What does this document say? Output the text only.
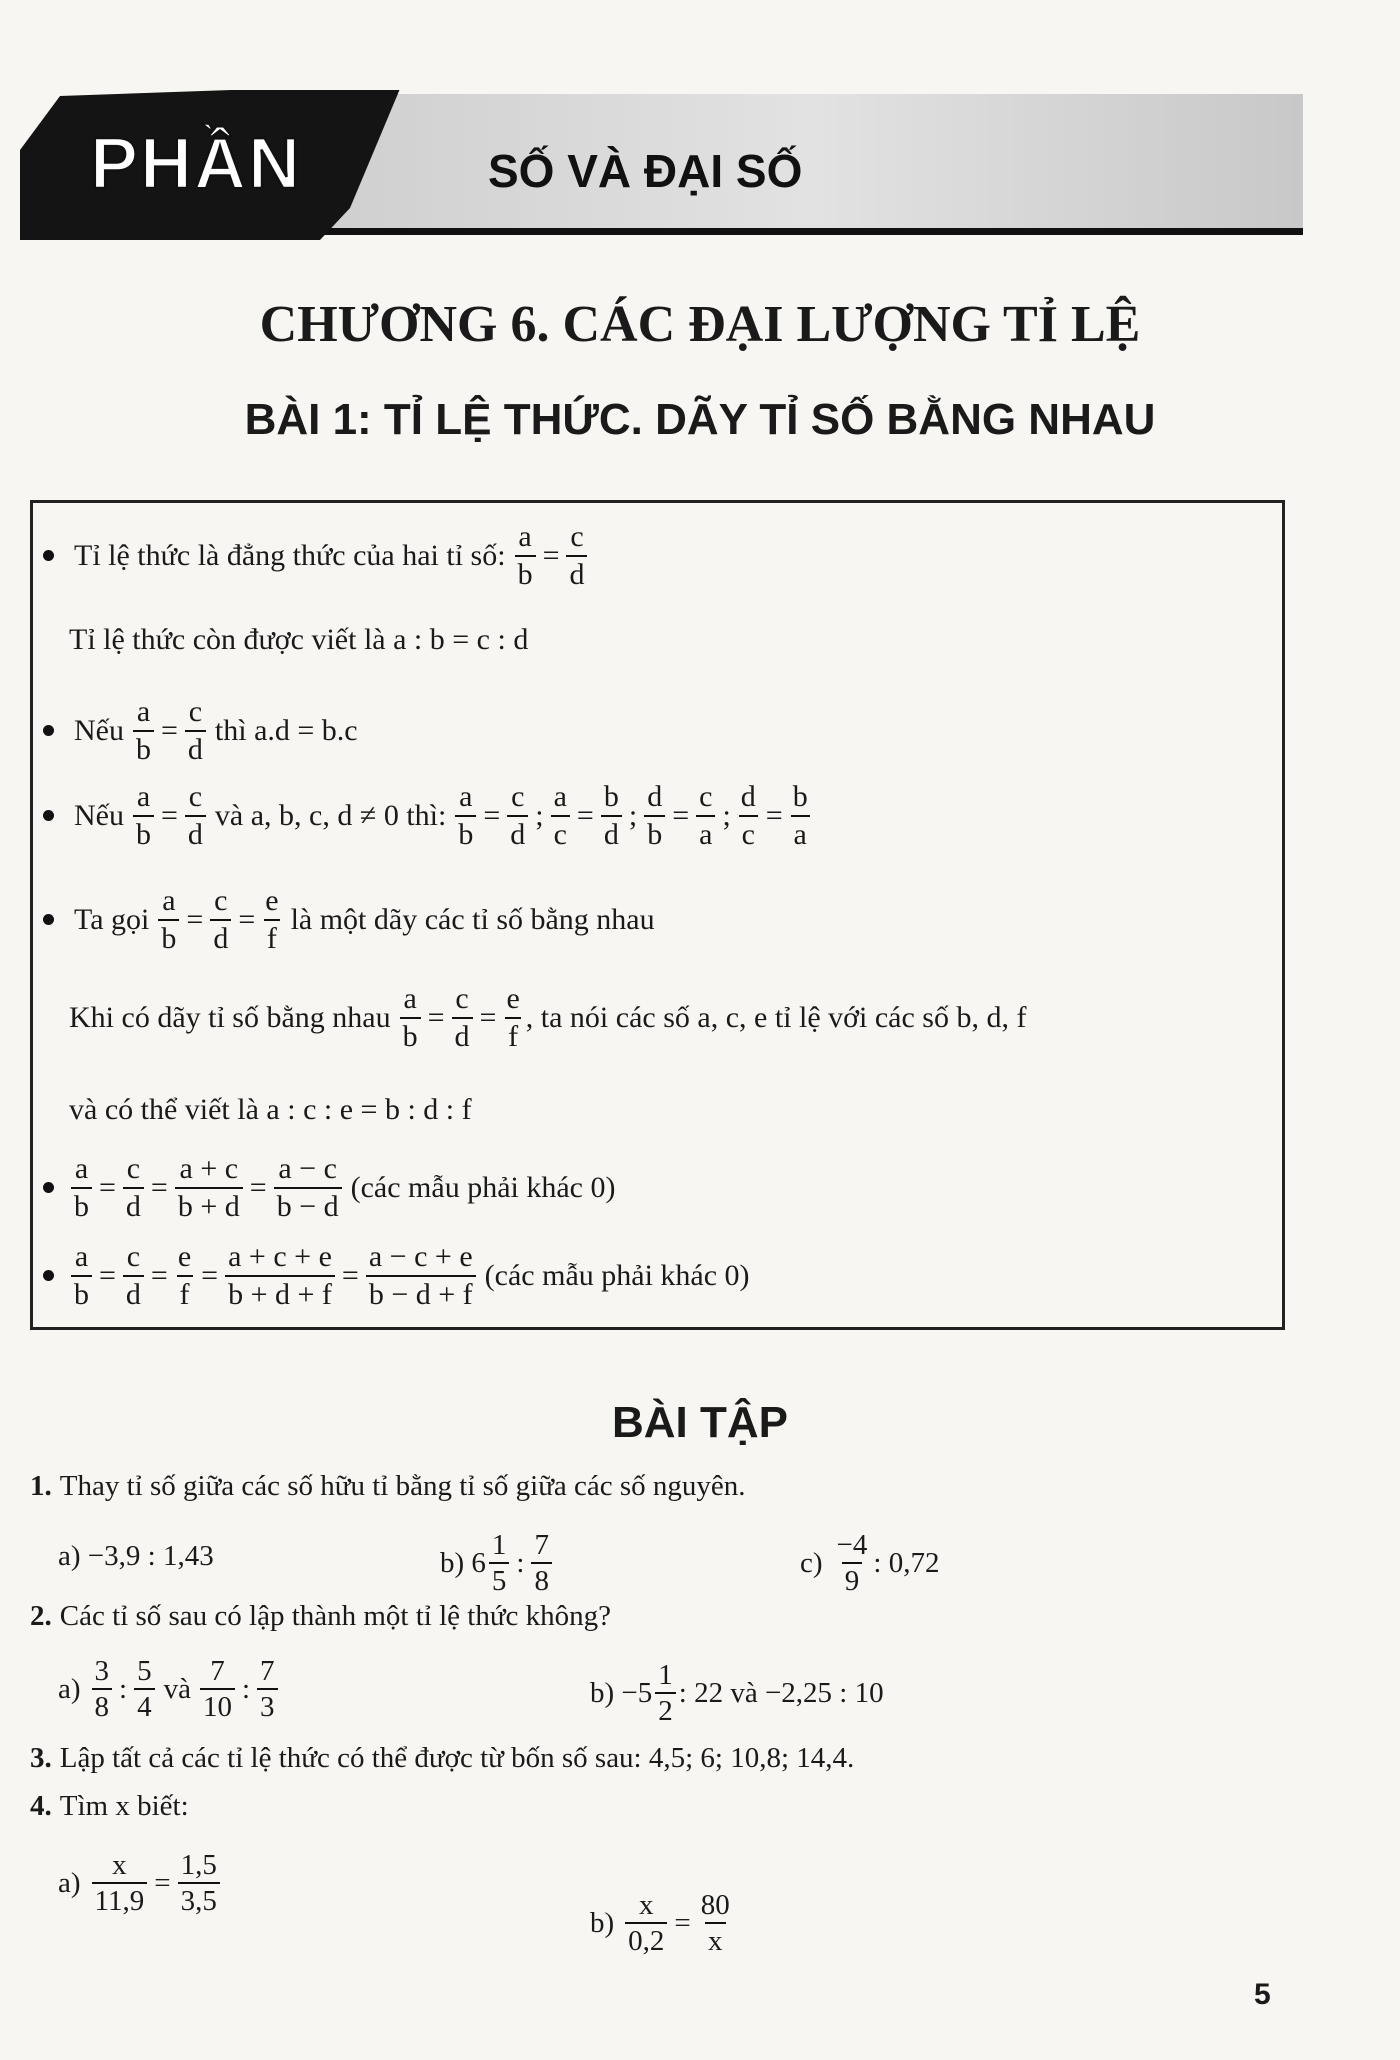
PHẦN	SỐ VÀ ĐẠI SỐ
CHƯƠNG 6. CÁC ĐẠI LƯỢNG TỈ LỆ
BÀI 1: TỈ LỆ THỨC. DÃY TỈ SỐ BẰNG NHAU
Tỉ lệ thức là đẳng thức của hai tỉ số: $\frac{a}{b} = \frac{c}{d}$
Tỉ lệ thức còn được viết là a : b = c : d
Nếu $\frac{a}{b} = \frac{c}{d}$ thì a.d = b.c
Nếu $\frac{a}{b} = \frac{c}{d}$ và a, b, c, d ≠ 0 thì: $\frac{a}{b} = \frac{c}{d}$ ; $\frac{a}{c} = \frac{b}{d}$ ; $\frac{d}{b} = \frac{c}{a}$ ; $\frac{d}{c} = \frac{b}{a}$
Ta gọi $\frac{a}{b} = \frac{c}{d} = \frac{e}{f}$ là một dãy các tỉ số bằng nhau
Khi có dãy tỉ số bằng nhau $\frac{a}{b} = \frac{c}{d} = \frac{e}{f}$ , ta nói các số a, c, e tỉ lệ với các số b, d, f
và có thể viết là a : c : e = b : d : f
$\frac{a}{b} = \frac{c}{d} = \frac{a + c}{b + d} = \frac{a - c}{b - d}$ (các mẫu phải khác 0)
$\frac{a}{b} = \frac{c}{d} = \frac{e}{f} = \frac{a + c + e}{b + d + f} = \frac{a - c + e}{b - d + f}$ (các mẫu phải khác 0)
BÀI TẬP
1. Thay tỉ số giữa các số hữu tỉ bằng tỉ số giữa các số nguyên.
a) −3,9 : 1,43	b) $6 \frac{1}{5}$ : $\frac{7}{8}$	$c) \frac{-4}{9}$ : 0,72
2. Các tỉ số sau có lập thành một tỉ lệ thức không?
$a) \frac{3}{8}$ : $\frac{5}{4}$ và $\frac{7}{10}$ : $\frac{7}{3}$	$b) -5 \frac{1}{2}$ : 22 và −2,25 : 10
3. Lập tất cả các tỉ lệ thức có thể được từ bốn số sau: 4,5; 6; 10,8; 14,4.
4. Tìm x biết:
$a) \frac{x}{11,9} = \frac{1,5}{3,5}$
$b) \frac{x}{0,2} = \frac{80}{x}$
5
